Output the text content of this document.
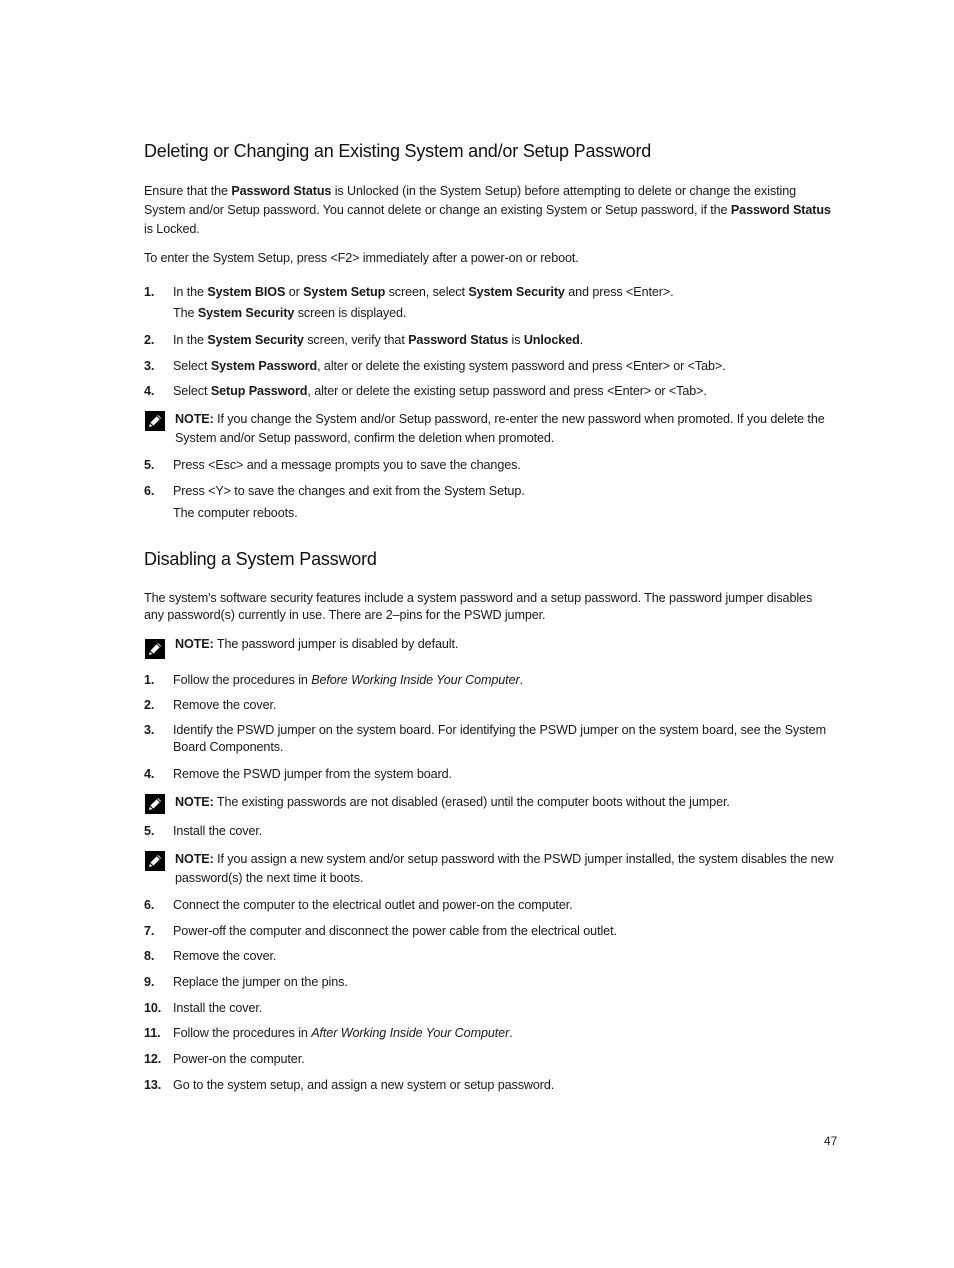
Deleting or Changing an Existing System and/or Setup Password

Ensure that the Password Status is Unlocked (in the System Setup) before attempting to delete or change the existing System and/or Setup password. You cannot delete or change an existing System or Setup password, if the Password Status is Locked.

To enter the System Setup, press <F2> immediately after a power-on or reboot.

1.	In the System BIOS or System Setup screen, select System Security and press <Enter>.
The System Security screen is displayed.
2.	In the System Security screen, verify that Password Status is Unlocked.
3.	Select System Password, alter or delete the existing system password and press <Enter> or <Tab>.
4.	Select Setup Password, alter or delete the existing setup password and press <Enter> or <Tab>.
NOTE: If you change the System and/or Setup password, re-enter the new password when promoted. If you delete the System and/or Setup password, confirm the deletion when promoted.
5.	Press <Esc> and a message prompts you to save the changes.
6.	Press <Y> to save the changes and exit from the System Setup.
The computer reboots.
Disabling a System Password

The system's software security features include a system password and a setup password. The password jumper disables any password(s) currently in use. There are 2–pins for the PSWD jumper.

NOTE: The password jumper is disabled by default.
1.	Follow the procedures in Before Working Inside Your Computer.
2.	Remove the cover.
3.	Identify the PSWD jumper on the system board. For identifying the PSWD jumper on the system board, see the System Board Components.
4.	Remove the PSWD jumper from the system board.
NOTE: The existing passwords are not disabled (erased) until the computer boots without the jumper.
5.	Install the cover.
NOTE: If you assign a new system and/or setup password with the PSWD jumper installed, the system disables the new password(s) the next time it boots.
6.	Connect the computer to the electrical outlet and power-on the computer.
7.	Power-off the computer and disconnect the power cable from the electrical outlet.
8.	Remove the cover.
9.	Replace the jumper on the pins.
10. Install the cover.
11. Follow the procedures in After Working Inside Your Computer.
12. Power-on the computer.
13. Go to the system setup, and assign a new system or setup password.
47
